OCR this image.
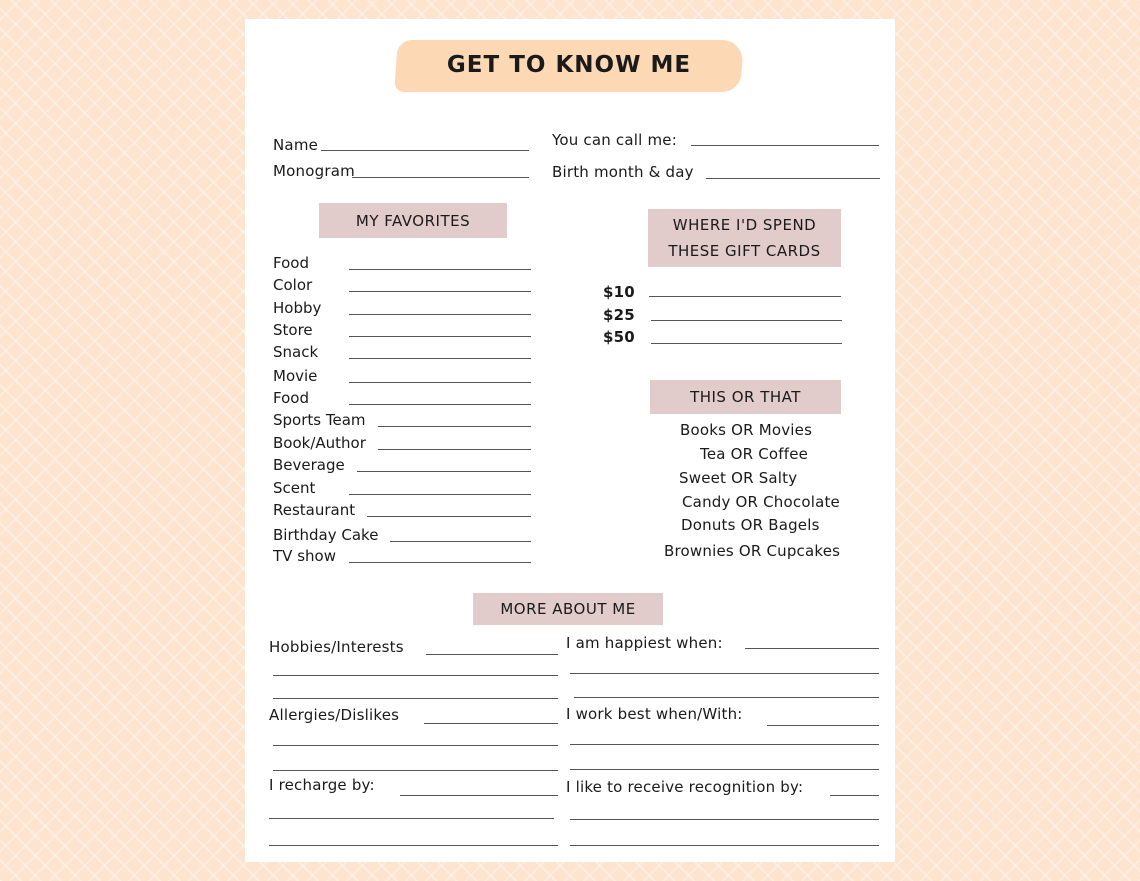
GET TO KNOW ME
Name
Monogram
You can call me:
Birth month & day
MY FAVORITES
Food
Color
Hobby
Store
Snack
Movie
Food
Sports Team
Book/Author
Beverage
Scent
Restaurant
Birthday Cake
TV show
WHERE I'D SPEND
THESE GIFT CARDS
$10
$25
$50
THIS OR THAT
Books OR Movies
Tea OR Coffee
Sweet OR Salty
Candy OR Chocolate
Donuts OR Bagels
Brownies OR Cupcakes
MORE ABOUT ME
Hobbies/Interests
Allergies/Dislikes
I recharge by:
I am happiest when:
I work best when/With:
I like to receive recognition by:
